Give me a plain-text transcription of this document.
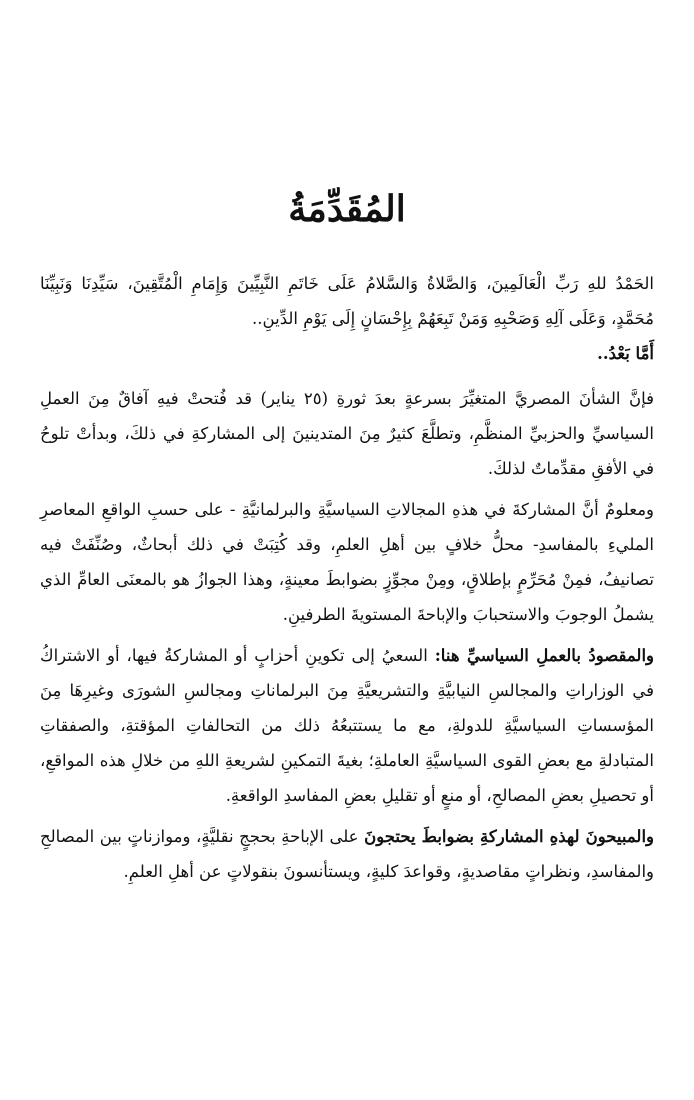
المُقَدِّمَةُ

الحَمْدُ للهِ رَبِّ الْعَالَمِينَ، وَالصَّلاةُ وَالسَّلامُ عَلَى خَاتَمِ النَّبِيِّينَ وَإِمَامِ الْمُتَّقِينَ، سَيِّدِنَا وَنَبِيِّنَا مُحَمَّدٍ، وَعَلَى آلِهِ وَصَحْبِهِ وَمَنْ تَبِعَهُمْ بِإِحْسَانٍ إِلَى يَوْمِ الدِّينِ..

أَمَّا بَعْدُ..

فإنَّ الشأنَ المصريَّ المتغيِّرَ بسرعةٍ بعدَ ثورةِ (٢٥ يناير) قد فُتحتْ فيهِ آفاقٌ مِنَ العملِ السياسيِّ والحزبيِّ المنظَّمِ، وتطلَّعَ كثيرٌ مِنَ المتدينينَ إلى المشاركةِ في ذلكَ، وبدأتْ تلوحُ في الأفقِ مقدِّماتٌ لذلكَ.

ومعلومٌ أنَّ المشاركةَ في هذهِ المجالاتِ السياسيَّةِ والبرلمانيَّةِ - على حسبِ الواقعِ المعاصرِ المليءِ بالمفاسدِ- محلُّ خلافٍ بين أهلِ العلمِ، وقد كُتِبَتْ في ذلك أبحاثٌ، وصُنِّفَتْ فيه تصانيفُ، فمِنْ مُحَرِّمٍ بإطلاقٍ، ومِنْ مجوِّزٍ بضوابطَ معينةٍ، وهذا الجوازُ هو بالمعنَى العامِّ الذي يشملُ الوجوبَ والاستحبابَ والإباحةَ المستويةَ الطرفينِ.

والمقصودُ بالعملِ السياسيِّ هنا: السعيُ إلى تكوينِ أحزابٍ أو المشاركةُ فيها، أو الاشتراكُ في الوزاراتِ والمجالسِ النيابيَّةِ والتشريعيَّةِ مِنَ البرلماناتِ ومجالسِ الشورَى وغيرِهَا مِنَ المؤسساتِ السياسيَّةِ للدولةِ، مع ما يستتبعُهُ ذلك من التحالفاتِ المؤقتةِ، والصفقاتِ المتبادلةِ مع بعضِ القوى السياسيَّةِ العاملةِ؛ بغيةَ التمكينِ لشريعةِ اللهِ من خلالِ هذه المواقعِ، أو تحصيلِ بعضِ المصالحِ، أو منعٍ أو تقليلِ بعضِ المفاسدِ الواقعةِ.

والمبيحونَ لهذهِ المشاركةِ بضوابطَ يحتجونَ على الإباحةِ بحججٍ نقليَّةٍ، وموازناتٍ بين المصالحِ والمفاسدِ، ونظراتٍ مقاصديةٍ، وقواعدَ كليةٍ، ويستأنسونَ بنقولاتٍ عن أهلِ العلمِ.
